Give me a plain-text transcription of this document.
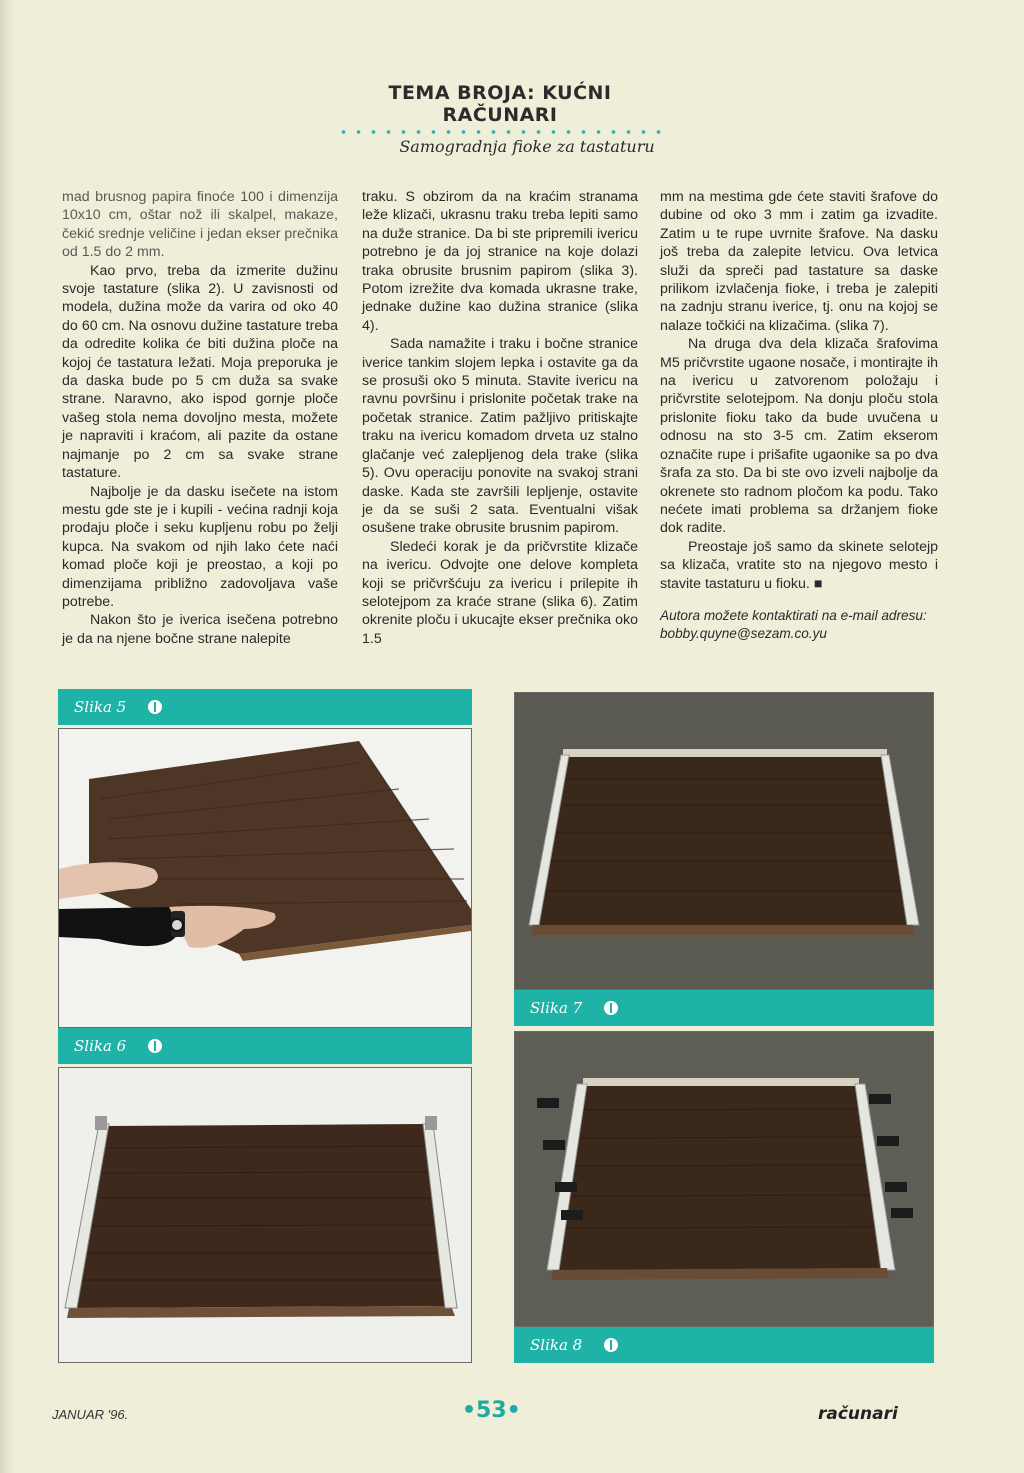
TEMA BROJA: KUĆNI RAČUNARI

Samogradnja fioke za tastaturu

mad brusnog papira finoće 100 i dimenzija 10x10 cm, oštar nož ili skalpel, makaze, čekić srednje veličine i jedan ekser prečnika od 1.5 do 2 mm.

Kao prvo, treba da izmerite dužinu svoje tastature (slika 2). U zavisnosti od modela, dužina može da varira od oko 40 do 60 cm. Na osnovu dužine tastature treba da odredite kolika će biti dužina ploče na kojoj će tastatura ležati. Moja preporuka je da daska bude po 5 cm duža sa svake strane. Naravno, ako ispod gornje ploče vašeg stola nema dovoljno mesta, možete je napraviti i kraćom, ali pazite da ostane najmanje po 2 cm sa svake strane tastature.

Najbolje je da dasku isečete na istom mestu gde ste je i kupili - većina radnji koja prodaju ploče i seku kupljenu robu po želji kupca. Na svakom od njih lako ćete naći komad ploče koji je preostao, a koji po dimenzijama približno zadovoljava vaše potrebe.

Nakon što je iverica isečena potrebno je da na njene bočne strane nalepite

traku. S obzirom da na kraćim stranama leže klizači, ukrasnu traku treba lepiti samo na duže stranice. Da bi ste pripremili ivericu potrebno je da joj stranice na koje dolazi traka obrusite brusnim papirom (slika 3). Potom izrežite dva komada ukrasne trake, jednake dužine kao dužina stranice (slika 4).

Sada namažite i traku i bočne stranice iverice tankim slojem lepka i ostavite ga da se prosuši oko 5 minuta. Stavite ivericu na ravnu površinu i prislonite početak trake na početak stranice. Zatim pažljivo pritiskajte traku na ivericu komadom drveta uz stalno glačanje već zalepljenog dela trake (slika 5). Ovu operaciju ponovite na svakoj strani daske. Kada ste završili lepljenje, ostavite je da se suši 2 sata. Eventualni višak osušene trake obrusite brusnim papirom.

Sledeći korak je da pričvrstite klizače na ivericu. Odvojte one delove kompleta koji se pričvršćuju za ivericu i prilepite ih selotejpom za kraće strane (slika 6). Zatim okrenite ploču i ukucajte ekser prečnika oko 1.5

mm na mestima gde ćete staviti šrafove do dubine od oko 3 mm i zatim ga izvadite. Zatim u te rupe uvrnite šrafove. Na dasku još treba da zalepite letvicu. Ova letvica služi da spreči pad tastature sa daske prilikom izvlačenja fioke, i treba je zalepiti na zadnju stranu iverice, tj. onu na kojoj se nalaze točkići na klizačima. (slika 7).

Na druga dva dela klizača šrafovima M5 pričvrstite ugaone nosače, i montirajte ih na ivericu u zatvorenom položaju i pričvrstite selotejpom. Na donju ploču stola prislonite fioku tako da bude uvučena u odnosu na sto 3-5 cm. Zatim ekserom označite rupe i prišafite ugaonike sa po dva šrafa za sto. Da bi ste ovo izveli najbolje da okrenete sto radnom pločom ka podu. Tako nećete imati problema sa držanjem fioke dok radite.

Preostaje još samo da skinete selotejp sa klizača, vratite sto na njegovo mesto i stavite tastaturu u fioku. ■

Autora možete kontaktirati na e-mail adresu:
bobby.quyne@sezam.co.yu
Slika 5
Slika 6
Slika 7
Slika 8
JANUAR '96.	•53•	računari
